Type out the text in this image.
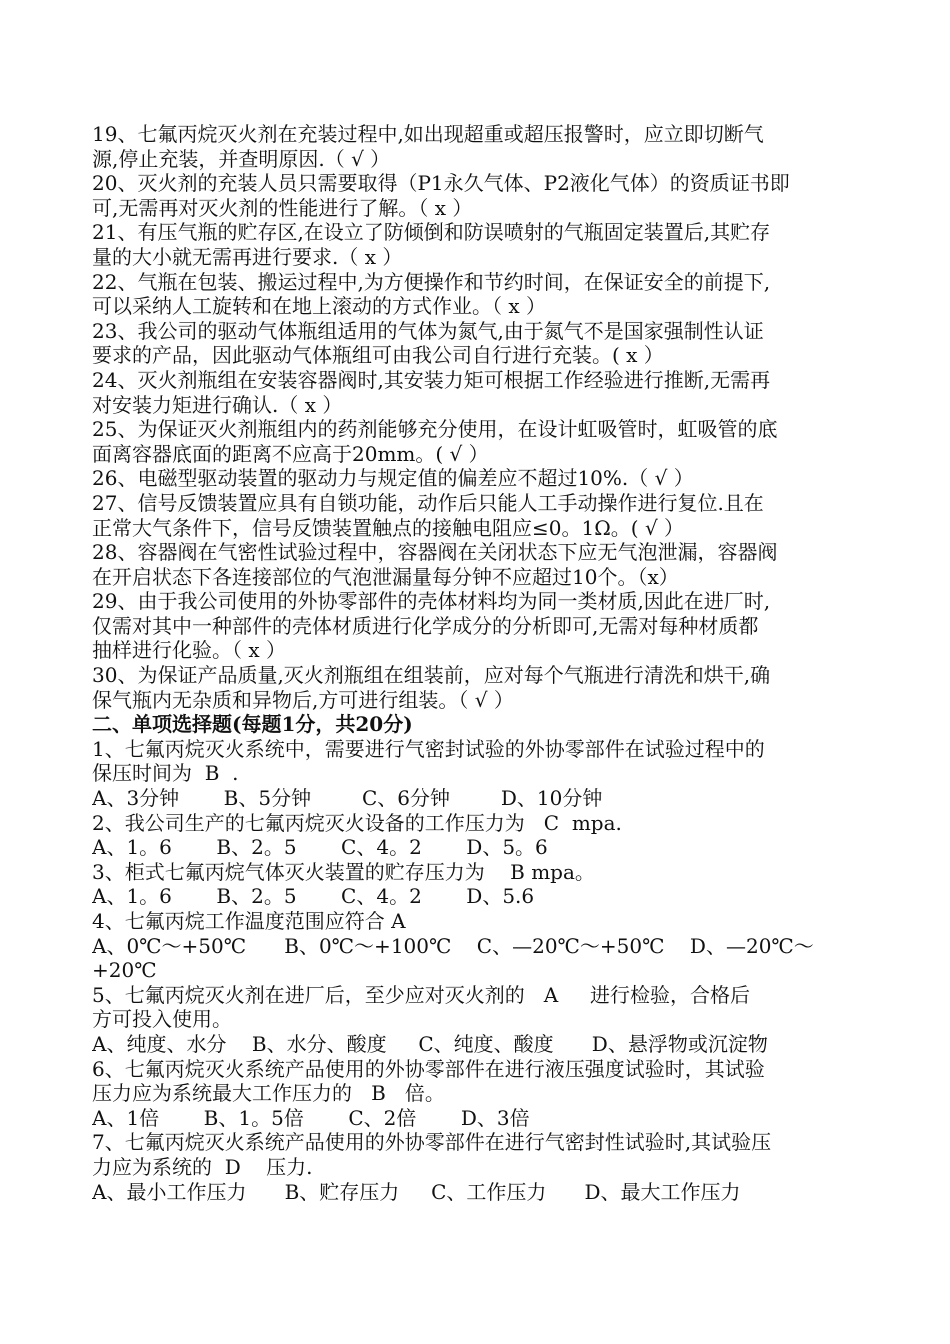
19、七氟丙烷灭火剂在充装过程中,如出现超重或超压报警时，应立即切断气
源,停止充装，并查明原因.（ √ ）
20、灭火剂的充装人员只需要取得（P1永久气体、P2液化气体）的资质证书即
可,无需再对灭火剂的性能进行了解。（ x ）
21、有压气瓶的贮存区,在设立了防倾倒和防误喷射的气瓶固定装置后,其贮存
量的大小就无需再进行要求.（ x ）
22、气瓶在包装、搬运过程中,为方便操作和节约时间，在保证安全的前提下,
可以采纳人工旋转和在地上滚动的方式作业。（ x ）
23、我公司的驱动气体瓶组适用的气体为氮气,由于氮气不是国家强制性认证
要求的产品，因此驱动气体瓶组可由我公司自行进行充装。( x ）
24、灭火剂瓶组在安装容器阀时,其安装力矩可根据工作经验进行推断,无需再
对安装力矩进行确认.（ x ）
25、为保证灭火剂瓶组内的药剂能够充分使用，在设计虹吸管时，虹吸管的底
面离容器底面的距离不应高于20mm。( √ ）
26、电磁型驱动装置的驱动力与规定值的偏差应不超过10%.（ √ ）
27、信号反馈装置应具有自锁功能，动作后只能人工手动操作进行复位.且在
正常大气条件下，信号反馈装置触点的接触电阻应≤0。1Ω。( √ ）
28、容器阀在气密性试验过程中，容器阀在关闭状态下应无气泡泄漏，容器阀
在开启状态下各连接部位的气泡泄漏量每分钟不应超过10个。（x）
29、由于我公司使用的外协零部件的壳体材料均为同一类材质,因此在进厂时,
仅需对其中一种部件的壳体材质进行化学成分的分析即可,无需对每种材质都
抽样进行化验。（ x ）
30、为保证产品质量,灭火剂瓶组在组装前，应对每个气瓶进行清洗和烘干,确
保气瓶内无杂质和异物后,方可进行组装。（ √ ）
二、单项选择题(每题1分，共20分)
1、七氟丙烷灭火系统中，需要进行气密封试验的外协零部件在试验过程中的
保压时间为  B  .
A、3分钟       B、5分钟        C、6分钟        D、10分钟
2、我公司生产的七氟丙烷灭火设备的工作压力为   C  mpa.
A、1。6       B、2。5       C、4。2       D、5。6
3、柜式七氟丙烷气体灭火装置的贮存压力为    B mpa。
A、1。6       B、2。5       C、4。2       D、5.6
4、七氟丙烷工作温度范围应符合 A
A、0℃～+50℃      B、0℃～+100℃    C、—20℃～+50℃    D、—20℃～
+20℃
5、七氟丙烷灭火剂在进厂后，至少应对灭火剂的   A     进行检验，合格后
方可投入使用。
A、纯度、水分    B、水分、酸度     C、纯度、酸度      D、悬浮物或沉淀物
6、七氟丙烷灭火系统产品使用的外协零部件在进行液压强度试验时，其试验
压力应为系统最大工作压力的   B   倍。
A、1倍       B、1。5倍       C、2倍       D、3倍
7、七氟丙烷灭火系统产品使用的外协零部件在进行气密封性试验时,其试验压
力应为系统的  D    压力.
A、最小工作压力      B、贮存压力     C、工作压力      D、最大工作压力
